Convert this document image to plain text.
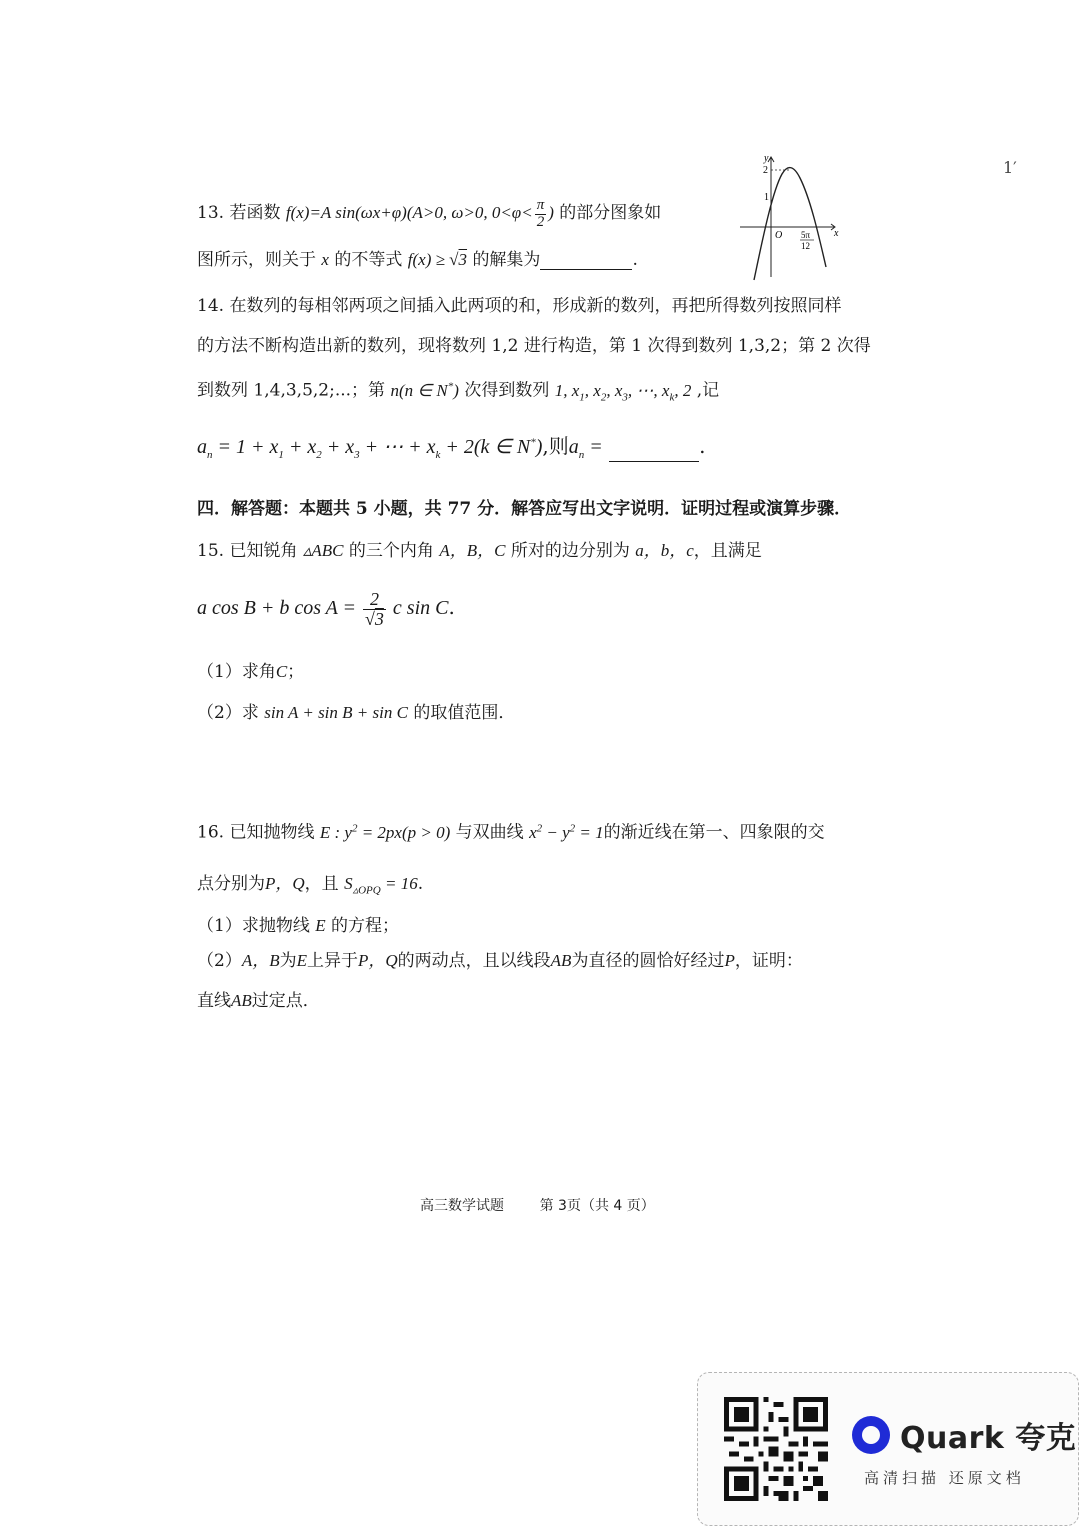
13. 若函数 f(x)=A sin(ωx+φ)(A>0, ω>0, $0<\varphi< \frac{\pi}{2}$ ) 的部分图象如
图所示，则关于 x 的不等式 f(x) ≥ √3 的解集为	.
x
y
2
1
O 5π
12
1′
14. 在数列的每相邻两项之间插入此两项的和，形成新的数列，再把所得数列按照同样
的方法不断构造出新的数列，现将数列 1,2 进行构造，第 1 次得到数列 1,3,2；第 2 次得
到数列 1,4,3,5,2;...；第 n(n ∈ N*) 次得到数列 1, $x_1$, $x_2$, $x_3$, ⋯, $x_k$, 2 ,记
$a_n = 1 + x_1 + x_2 + x_3$ + ⋯ + $x_k + 2(k$ ∈ N*),则$a_n$ =	.
四．解答题：本题共 5 小题，共 77 分．解答应写出文字说明．证明过程或演算步骤．
15. 已知锐角 ▵ABC 的三个内角 A，B，C 所对的边分别为 a，b，c，且满足
a cos B + b $\cos A = \frac{2}{√3}$ c sin C.
（1）求角C；
（2）求 sin A + sin B + sin C 的取值范围．
16. 已知抛物线 E : $y^2 = 2px(p > 0)$ 与双曲线 $x^2 - y^2 = 1$的渐近线在第一、四象限的交
点分别为P，Q，且 $S_{▵OPQ} = 16$.
（1）求抛物线 E 的方程；
（2）A，B为E上异于P，Q的两动点，且以线段AB为直径的圆恰好经过P，证明：
直线AB过定点．
高三数学试题	第 3页（共 4 页）
Quark 夸克
高清扫描 还原文档
